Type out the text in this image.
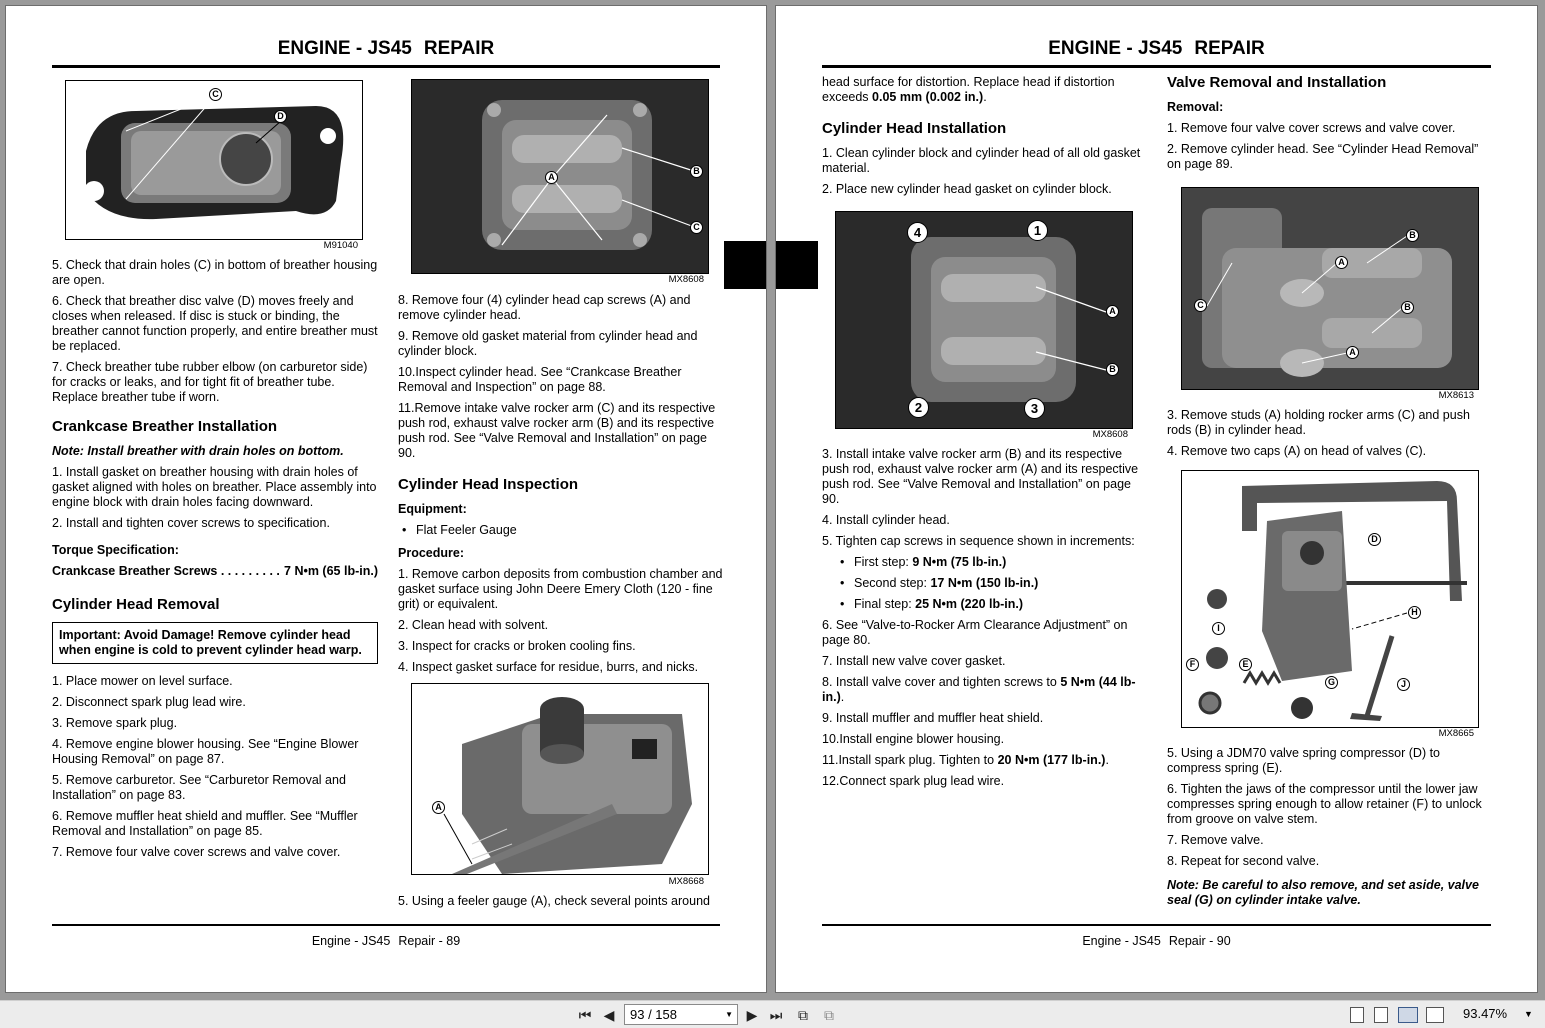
ENGINE - JS45 REPAIR
C
D
M91040
A
B
C
MX8608

5. Check that drain holes (C) in bottom of breather housing are open.

6. Check that breather disc valve (D) moves freely and closes when released. If disc is stuck or binding, the breather cannot function properly, and entire breather must be replaced.

7. Check breather tube rubber elbow (on carburetor side) for cracks or leaks, and for tight fit of breather tube. Replace breather tube if worn.

Crankcase Breather Installation

Note: Install breather with drain holes on bottom.

1. Install gasket on breather housing with drain holes of gasket aligned with holes on breather. Place assembly into engine block with drain holes facing downward.

2. Install and tighten cover screws to specification.

Torque Specification:
Crankcase Breather Screws . . . . . . . . . 7 N•m (65 lb-in.)
Cylinder Head Removal
Important: Avoid Damage! Remove cylinder head when engine is cold to prevent cylinder head warp.

1. Place mower on level surface.

2. Disconnect spark plug lead wire.

3. Remove spark plug.

4. Remove engine blower housing. See “Engine Blower Housing Removal” on page 87.

5. Remove carburetor. See “Carburetor Removal and Installation” on page 83.

6. Remove muffler heat shield and muffler. See “Muffler Removal and Installation” on page 85.

7. Remove four valve cover screws and valve cover.

8. Remove four (4) cylinder head cap screws (A) and remove cylinder head.

9. Remove old gasket material from cylinder head and cylinder block.

10.Inspect cylinder head. See “Crankcase Breather Removal and Inspection” on page 88.

11.Remove intake valve rocker arm (C) and its respective push rod, exhaust valve rocker arm (B) and its respective push rod. See “Valve Removal and Installation” on page 90.

Cylinder Head Inspection
Equipment:
• Flat Feeler Gauge
Procedure:

1. Remove carbon deposits from combustion chamber and gasket surface using John Deere Emery Cloth (120 - fine grit) or equivalent.

2. Clean head with solvent.

3. Inspect for cracks or broken cooling fins.

4. Inspect gasket surface for residue, burrs, and nicks.

A
MX8668

5. Using a feeler gauge (A), check several points around

Engine - JS45 Repair - 89
ENGINE - JS45 REPAIR

head surface for distortion. Replace head if distortion exceeds 0.05 mm (0.002 in.).

Cylinder Head Installation

1. Clean cylinder block and cylinder head of all old gasket material.

2. Place new cylinder head gasket on cylinder block.

4	1
2	3
A
B
MX8608

3. Install intake valve rocker arm (B) and its respective push rod, exhaust valve rocker arm (A) and its respective push rod. See “Valve Removal and Installation” on page 90.

4. Install cylinder head.

5. Tighten cap screws in sequence shown in increments:

• First step: 9 N•m (75 lb-in.)
• Second step: 17 N•m (150 lb-in.)
• Final step: 25 N•m (220 lb-in.)

6. See “Valve-to-Rocker Arm Clearance Adjustment” on page 80.

7. Install new valve cover gasket.

8. Install valve cover and tighten screws to 5 N•m (44 lb-in.).

9. Install muffler and muffler heat shield.

10.Install engine blower housing.

11.Install spark plug. Tighten to 20 N•m (177 lb-in.).

12.Connect spark plug lead wire.

Valve Removal and Installation
Removal:

1. Remove four valve cover screws and valve cover.

2. Remove cylinder head. See “Cylinder Head Removal” on page 89.

A
B
B
A
C
MX8613

3. Remove studs (A) holding rocker arms (C) and push rods (B) in cylinder head.

4. Remove two caps (A) on head of valves (C).

D
H
I
F	E
G	J
MX8665

5. Using a JDM70 valve spring compressor (D) to compress spring (E).

6. Tighten the jaws of the compressor until the lower jaw compresses spring enough to allow retainer (F) to unlock from groove on valve stem.

7. Remove valve.

8. Repeat for second valve.

Note: Be careful to also remove, and set aside, valve seal (G) on cylinder intake valve.

Engine - JS45 Repair - 90
⏮ ◀	93 / 158	▼ ▶ ⏭ ⧉ ⧉	93.47% ▼
